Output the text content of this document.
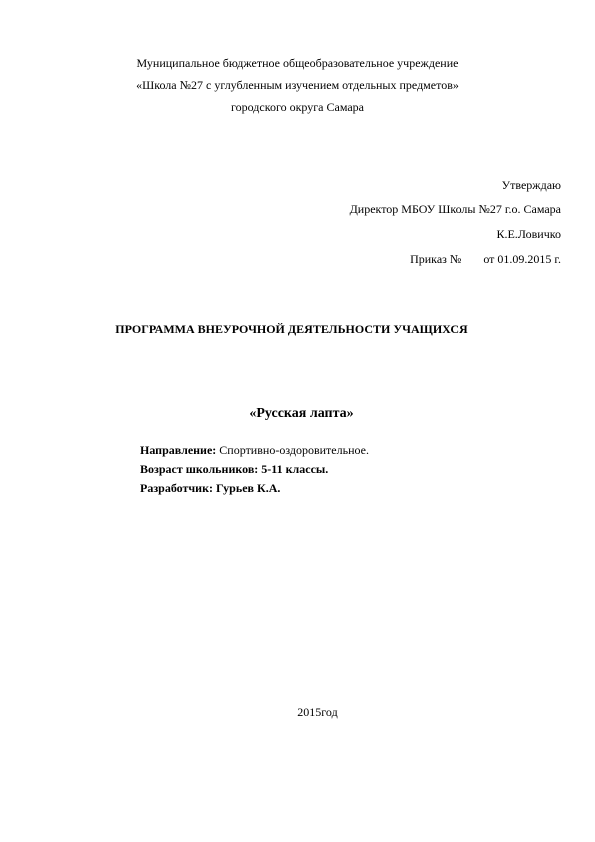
Муниципальное бюджетное общеобразовательное учреждение
«Школа №27 с углубленным изучением отдельных предметов»
городского округа Самара
Утверждаю
Директор МБОУ Школы №27 г.о. Самара
К.Е.Ловичко
Приказ № от 01.09.2015 г.
ПРОГРАММА ВНЕУРОЧНОЙ ДЕЯТЕЛЬНОСТИ УЧАЩИХСЯ
«Русская лапта»
Направление: Спортивно-оздоровительное.
Возраст школьников: 5-11 классы.
Разработчик: Гурьев К.А.
2015год
